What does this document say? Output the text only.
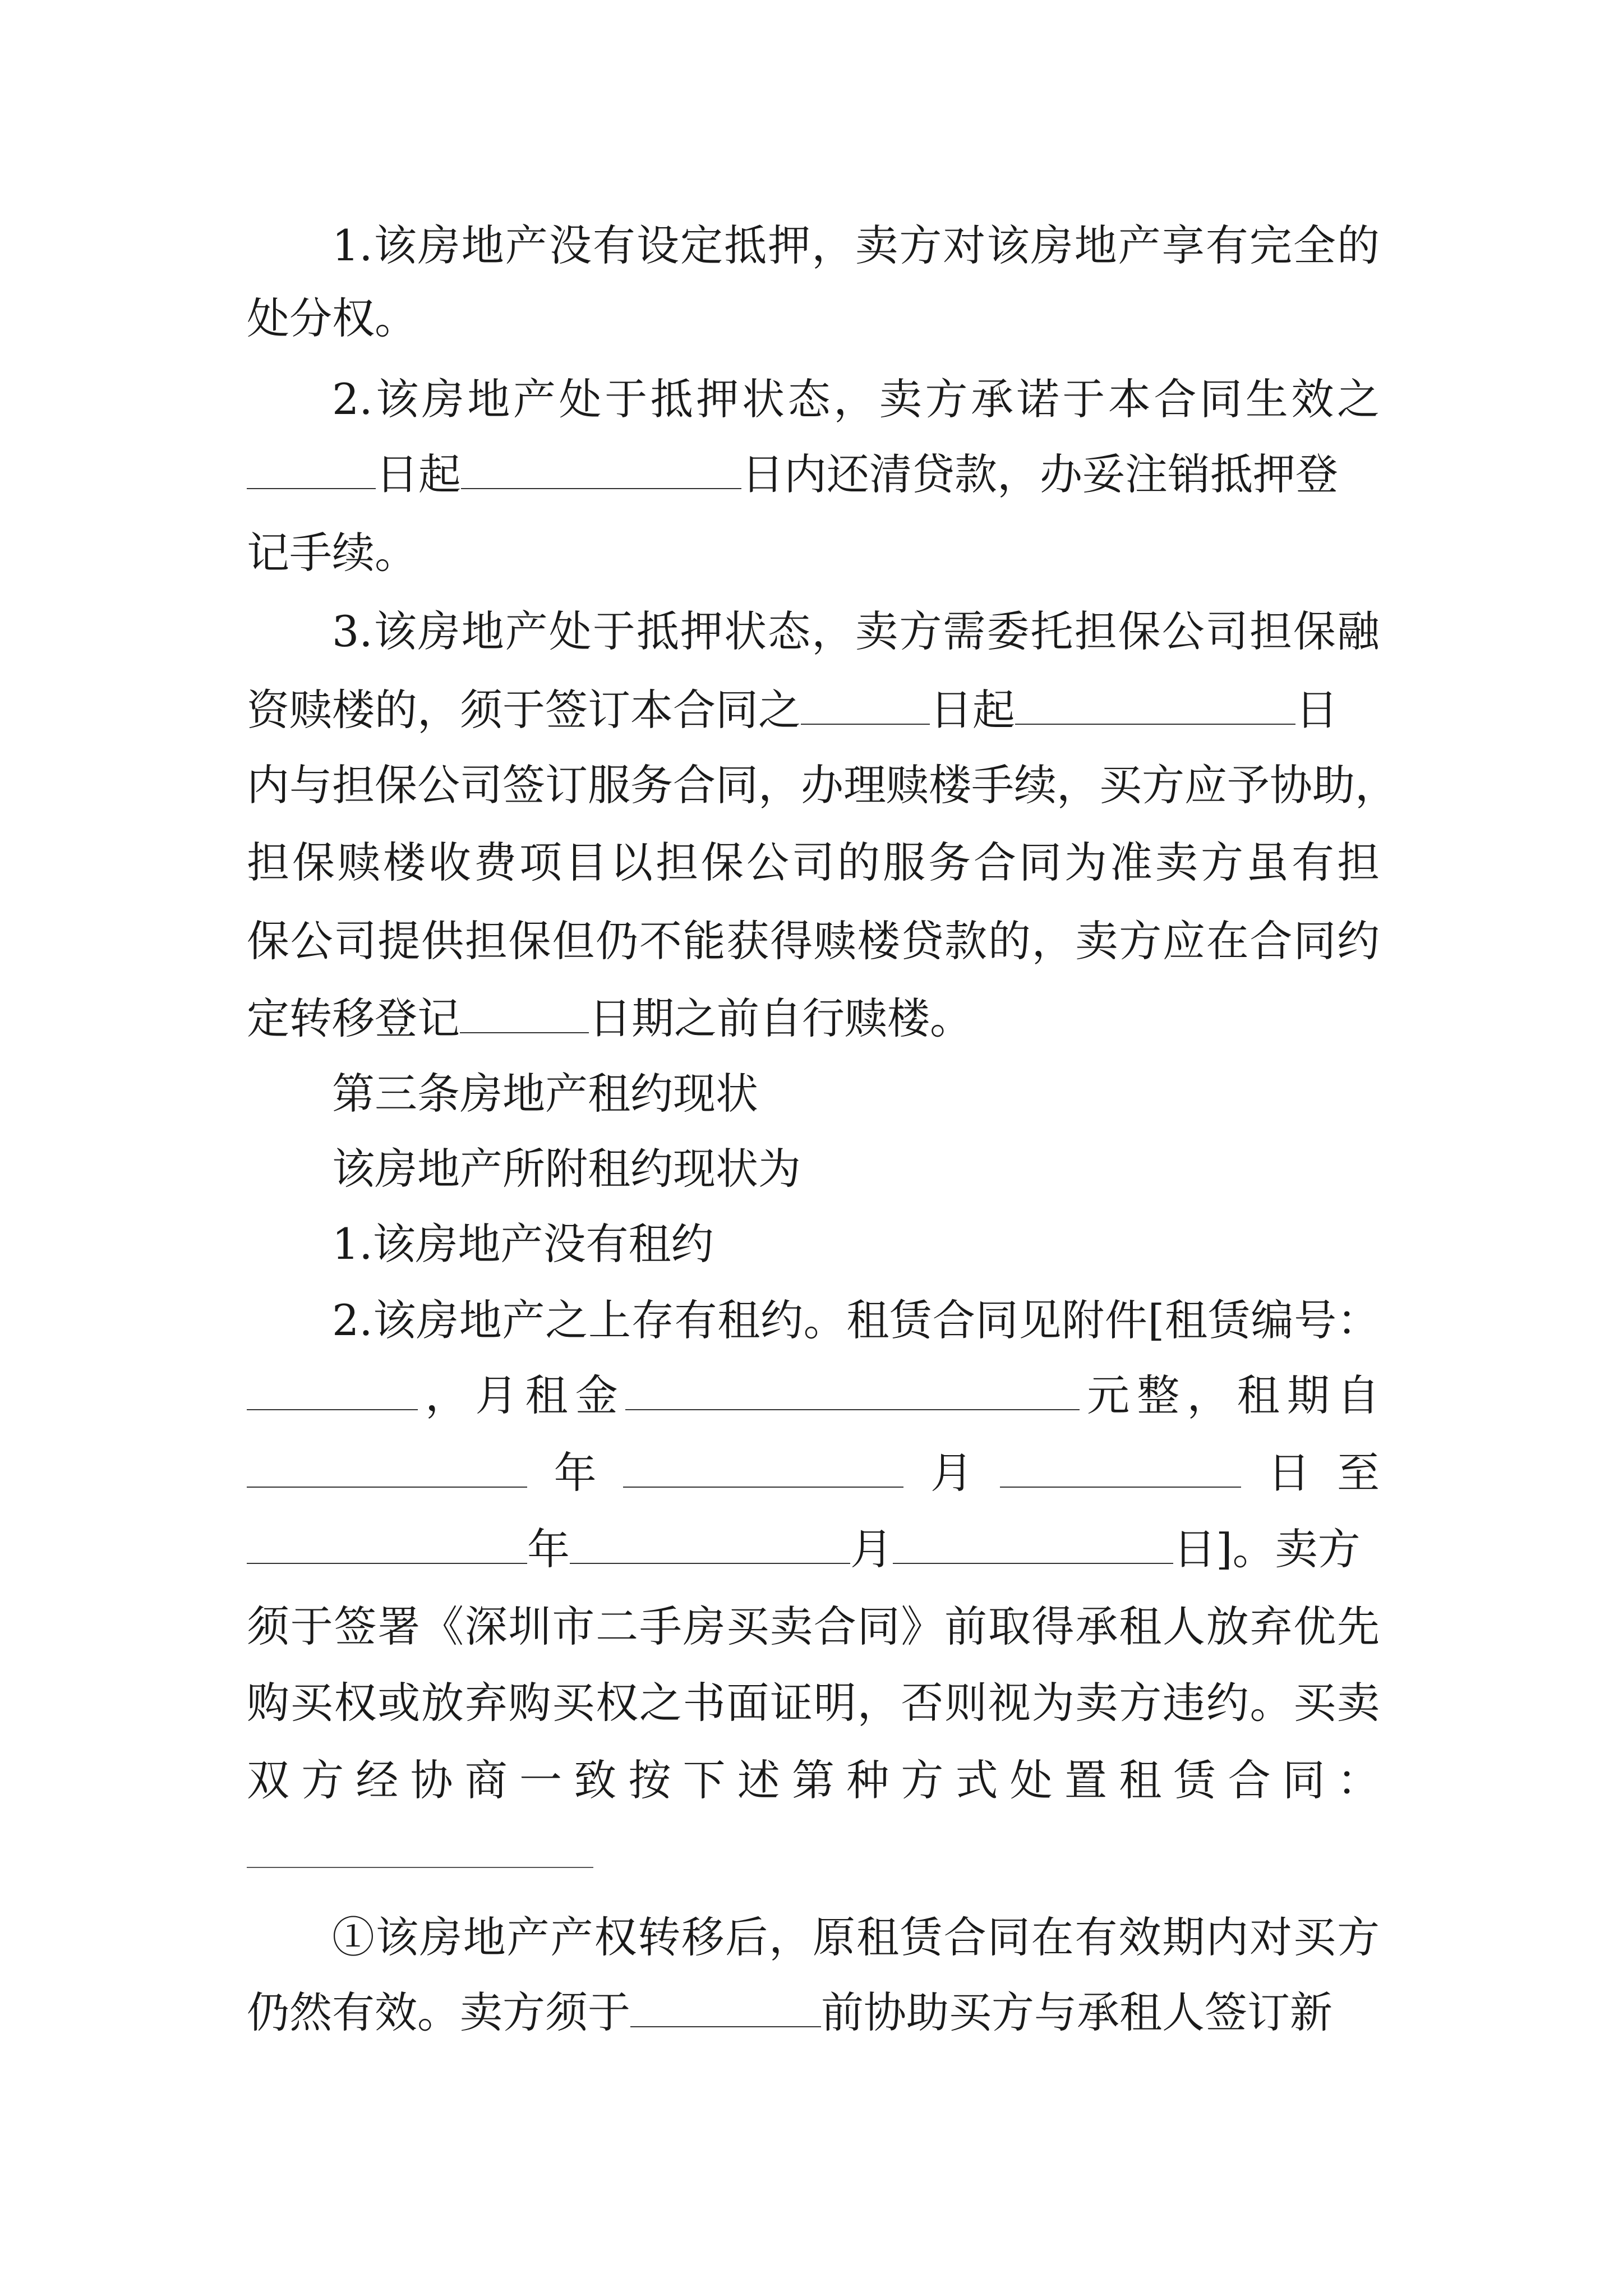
1.该房地产没有设定抵押，卖方对该房地产享有完全的
处分权。
2.该房地产处于抵押状态，卖方承诺于本合同生效之
日起	日内还清贷款，办妥注销抵押登
记手续。
3.该房地产处于抵押状态，卖方需委托担保公司担保融
资赎楼的，须于签订本合同之	日起	日
内与担保公司签订服务合同，办理赎楼手续，买方应予协助，
担保赎楼收费项目以担保公司的服务合同为准卖方虽有担
保公司提供担保但仍不能获得赎楼贷款的，卖方应在合同约
定转移登记	日期之前自行赎楼。
第三条房地产租约现状
该房地产所附租约现状为
1.该房地产没有租约
2.该房地产之上存有租约。租赁合同见附件[租赁编号：
，月租金	元整，租期自
年	月	日至
年	月	日]。卖方
须于签署《深圳市二手房买卖合同》前取得承租人放弃优先
购买权或放弃购买权之书面证明，否则视为卖方违约。买卖
双方经协商一致按下述第种方式处置租赁合同：
①该房地产产权转移后，原租赁合同在有效期内对买方
仍然有效。卖方须于	前协助买方与承租人签订新
